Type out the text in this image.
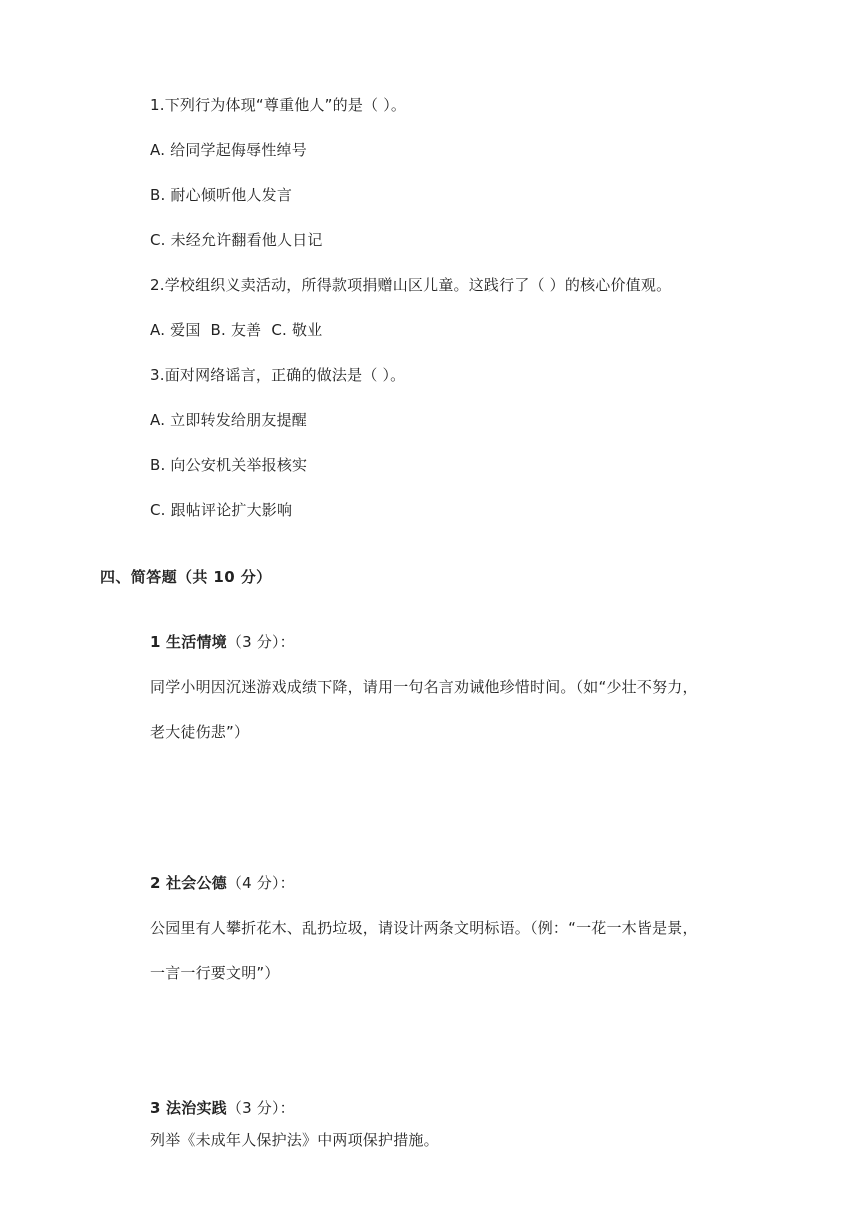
1.下列行为体现“尊重他人”的是（ ）。
A. 给同学起侮辱性绰号
B. 耐心倾听他人发言
C. 未经允许翻看他人日记
2.学校组织义卖活动，所得款项捐赠山区儿童。这践行了（ ）的核心价值观。
A. 爱国 B. 友善 C. 敬业
3.面对网络谣言，正确的做法是（ ）。
A. 立即转发给朋友提醒
B. 向公安机关举报核实
C. 跟帖评论扩大影响
四、简答题（共 10 分）
1 生活情境（3 分）：
同学小明因沉迷游戏成绩下降，请用一句名言劝诫他珍惜时间。（如“少壮不努力，
老大徒伤悲”）
2 社会公德（4 分）：
公园里有人攀折花木、乱扔垃圾，请设计两条文明标语。（例：“一花一木皆是景，
一言一行要文明”）
3 法治实践（3 分）：
列举《未成年人保护法》中两项保护措施。
